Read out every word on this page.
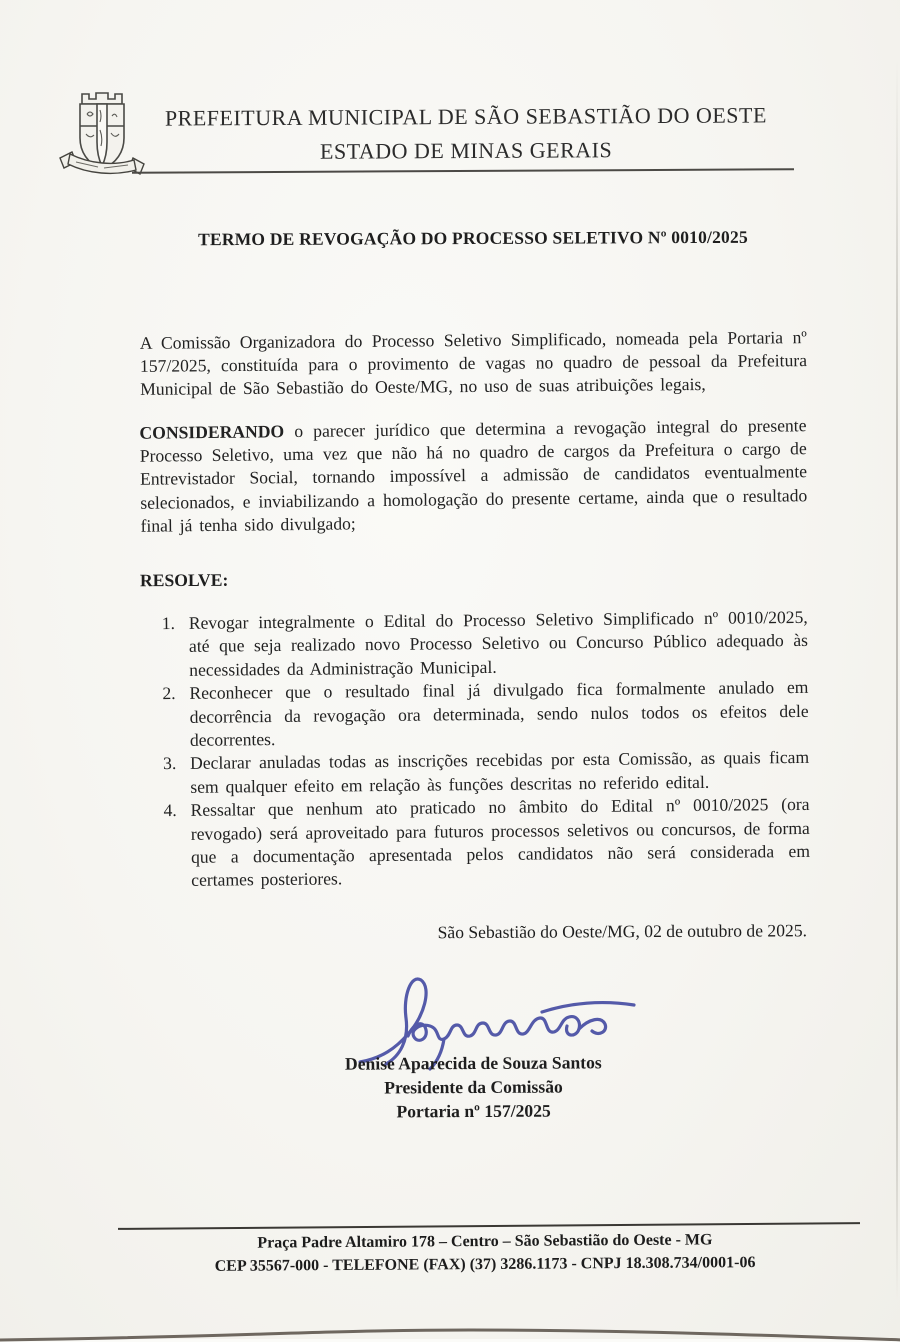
PREFEITURA MUNICIPAL DE SÃO SEBASTIÃO DO OESTE
ESTADO DE MINAS GERAIS
TERMO DE REVOGAÇÃO DO PROCESSO SELETIVO Nº 0010/2025

A Comissão Organizadora do Processo Seletivo Simplificado, nomeada pela Portaria nº 157/2025, constituída para o provimento de vagas no quadro de pessoal da Prefeitura Municipal de São Sebastião do Oeste/MG, no uso de suas atribuições legais,

CONSIDERANDO o parecer jurídico que determina a revogação integral do presente Processo Seletivo, uma vez que não há no quadro de cargos da Prefeitura o cargo de Entrevistador Social, tornando impossível a admissão de candidatos eventualmente selecionados, e inviabilizando a homologação do presente certame, ainda que o resultado final já tenha sido divulgado;

RESOLVE:
1. Revogar integralmente o Edital do Processo Seletivo Simplificado nº 0010/2025, até que seja realizado novo Processo Seletivo ou Concurso Público adequado às necessidades da Administração Municipal.
2. Reconhecer que o resultado final já divulgado fica formalmente anulado em decorrência da revogação ora determinada, sendo nulos todos os efeitos dele decorrentes.
3. Declarar anuladas todas as inscrições recebidas por esta Comissão, as quais ficam sem qualquer efeito em relação às funções descritas no referido edital.
4. Ressaltar que nenhum ato praticado no âmbito do Edital nº 0010/2025 (ora revogado) será aproveitado para futuros processos seletivos ou concursos, de forma que a documentação apresentada pelos candidatos não será considerada em certames posteriores.
São Sebastião do Oeste/MG, 02 de outubro de 2025.
Denise Aparecida de Souza Santos
Presidente da Comissão
Portaria nº 157/2025
Praça Padre Altamiro 178 – Centro – São Sebastião do Oeste - MG
CEP 35567-000 - TELEFONE (FAX) (37) 3286.1173 - CNPJ 18.308.734/0001-06
